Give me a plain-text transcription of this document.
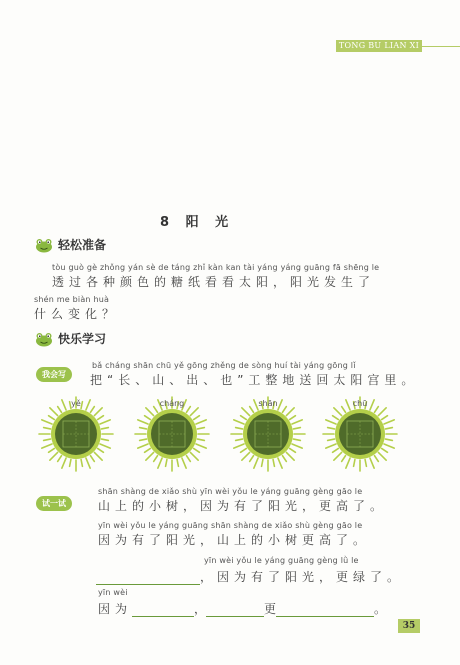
TONG BU LIAN XI
8 阳 光
轻松准备
tòu guò gè zhǒng yán sè de táng zhǐ kàn kan tài yáng yáng guāng fā shēng le
透过各种颜色的糖纸看看太阳，阳光发生了
shén me biàn huà
什么变化？
快乐学习
我会写
bǎ cháng shān chū yě gōng zhěng de sòng huí tài yáng gōng lǐ
把“长、山、出、也”工整地送回太阳宫里。
yě	cháng	shān	chū
试一试
shān shàng de xiǎo shù yīn wèi yǒu le yáng guāng gèng gāo le
山上的小树，因为有了阳光，更高了。
yīn wèi yǒu le yáng guāng shān shàng de xiǎo shù gèng gāo le
因为有了阳光，山上的小树更高了。
yīn wèi yǒu le yáng guāng gèng lǜ le
，因为有了阳光，更绿了。
yīn wèi
因为	，	更	。
35
